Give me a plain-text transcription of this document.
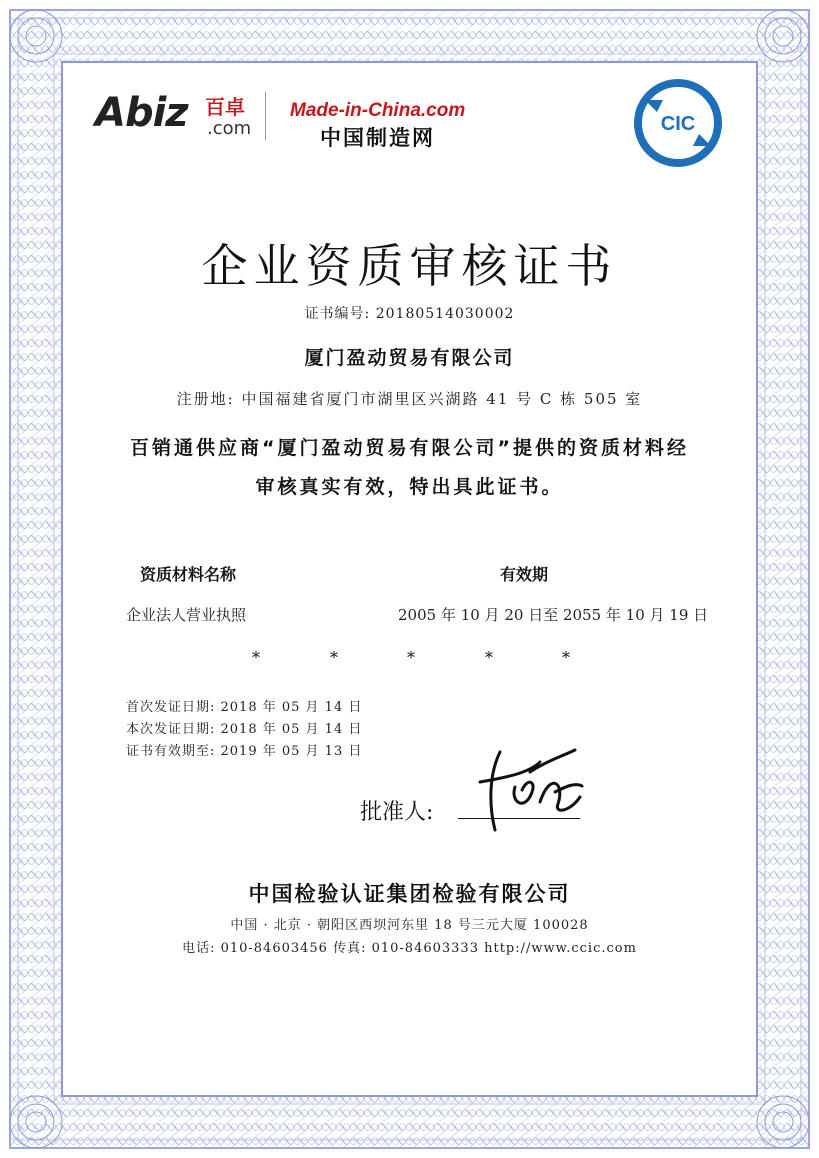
Abiz 百卓
.com
Made-in-China.com
中国制造网
CIC
企业资质审核证书
证书编号: 20180514030002
厦门盈动贸易有限公司
注册地: 中国福建省厦门市湖里区兴湖路 41 号 C 栋 505 室
百销通供应商“厦门盈动贸易有限公司”提供的资质材料经
审核真实有效，特出具此证书。
资质材料名称	有效期
企业法人营业执照	2005 年 10 月 20 日至 2055 年 10 月 19 日
*	*	*	*	*
首次发证日期: 2018 年 05 月 14 日
本次发证日期: 2018 年 05 月 14 日
证书有效期至: 2019 年 05 月 13 日
批准人:
中国检验认证集团检验有限公司
中国 · 北京 · 朝阳区西坝河东里 18 号三元大厦 100028
电话: 010-84603456 传真: 010-84603333 http://www.ccic.com
